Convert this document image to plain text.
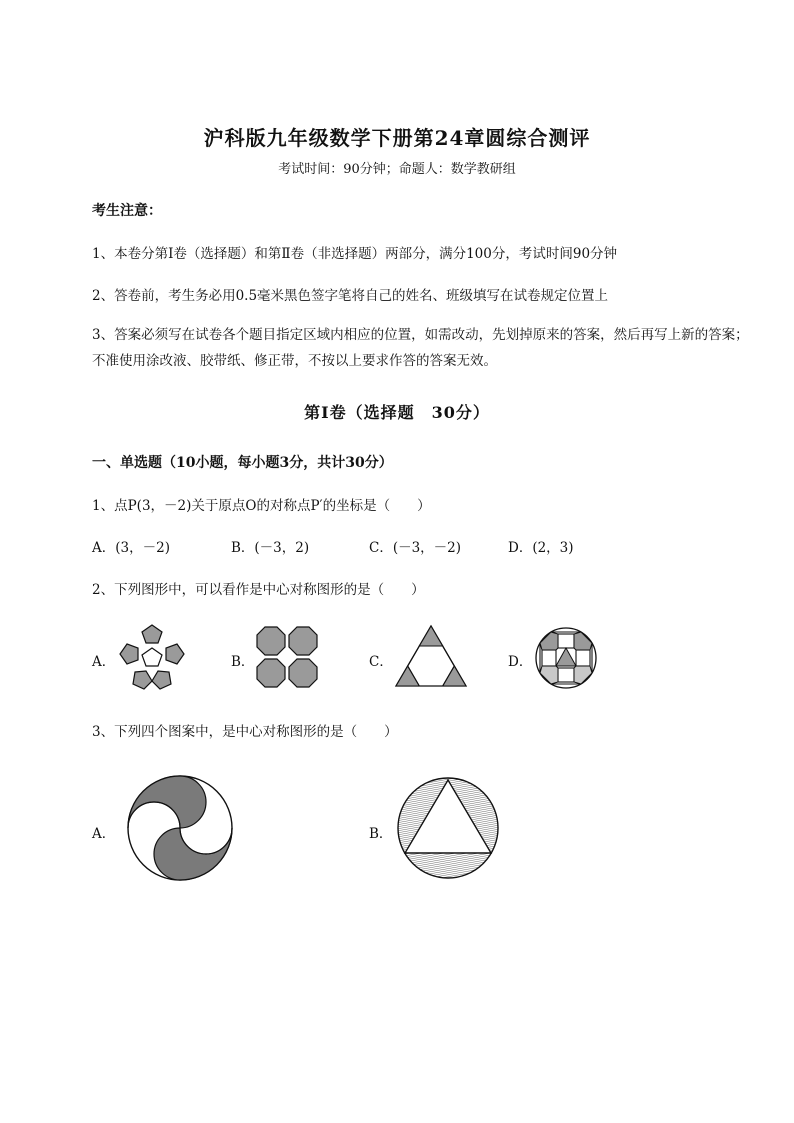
沪科版九年级数学下册第24章圆综合测评
考试时间：90分钟；命题人：数学教研组
考生注意：
1、本卷分第I卷（选择题）和第Ⅱ卷（非选择题）两部分，满分100分，考试时间90分钟
2、答卷前，考生务必用0.5毫米黑色签字笔将自己的姓名、班级填写在试卷规定位置上
3、答案必须写在试卷各个题目指定区域内相应的位置，如需改动，先划掉原来的答案，然后再写上新的答案；不准使用涂改液、胶带纸、修正带，不按以上要求作答的答案无效。
第I卷（选择题　30分）
一、单选题（10小题，每小题3分，共计30分）
1、点P(3，－2)关于原点O的对称点P′的坐标是（　　）
A．(3，－2)	B．(－3，2)	C．(－3，－2)	D．(2，3)
2、下列图形中，可以看作是中心对称图形的是（　　）
A．	B．	C．	D．
3、下列四个图案中，是中心对称图形的是（　　）
A．	B．
